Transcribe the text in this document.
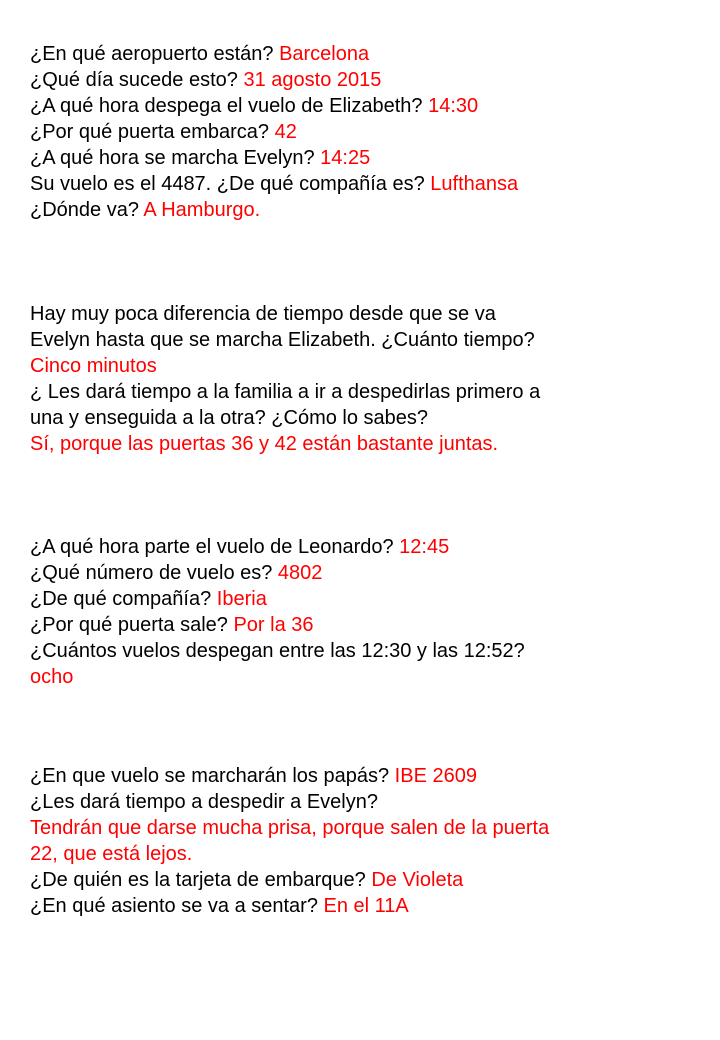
¿En qué aeropuerto están? Barcelona
¿Qué día sucede esto? 31 agosto 2015
¿A qué hora despega el vuelo de Elizabeth? 14:30
¿Por qué puerta embarca? 42
¿A qué hora se marcha Evelyn? 14:25
Su vuelo es el 4487. ¿De qué compañía es? Lufthansa
¿Dónde va? A Hamburgo.
Hay muy poca diferencia de tiempo desde que se va
Evelyn hasta que se marcha Elizabeth. ¿Cuánto tiempo?
Cinco minutos
¿ Les dará tiempo a la familia a ir a despedirlas primero a
una y enseguida a la otra? ¿Cómo lo sabes?
Sí, porque las puertas 36 y 42 están bastante juntas.
¿A qué hora parte el vuelo de Leonardo? 12:45
¿Qué número de vuelo es? 4802
¿De qué compañía? Iberia
¿Por qué puerta sale? Por la 36
¿Cuántos vuelos despegan entre las 12:30 y las 12:52?
ocho
¿En que vuelo se marcharán los papás? IBE 2609
¿Les dará tiempo a despedir a Evelyn?
Tendrán que darse mucha prisa, porque salen de la puerta
22, que está lejos.
¿De quién es la tarjeta de embarque? De Violeta
¿En qué asiento se va a sentar? En el 11A
